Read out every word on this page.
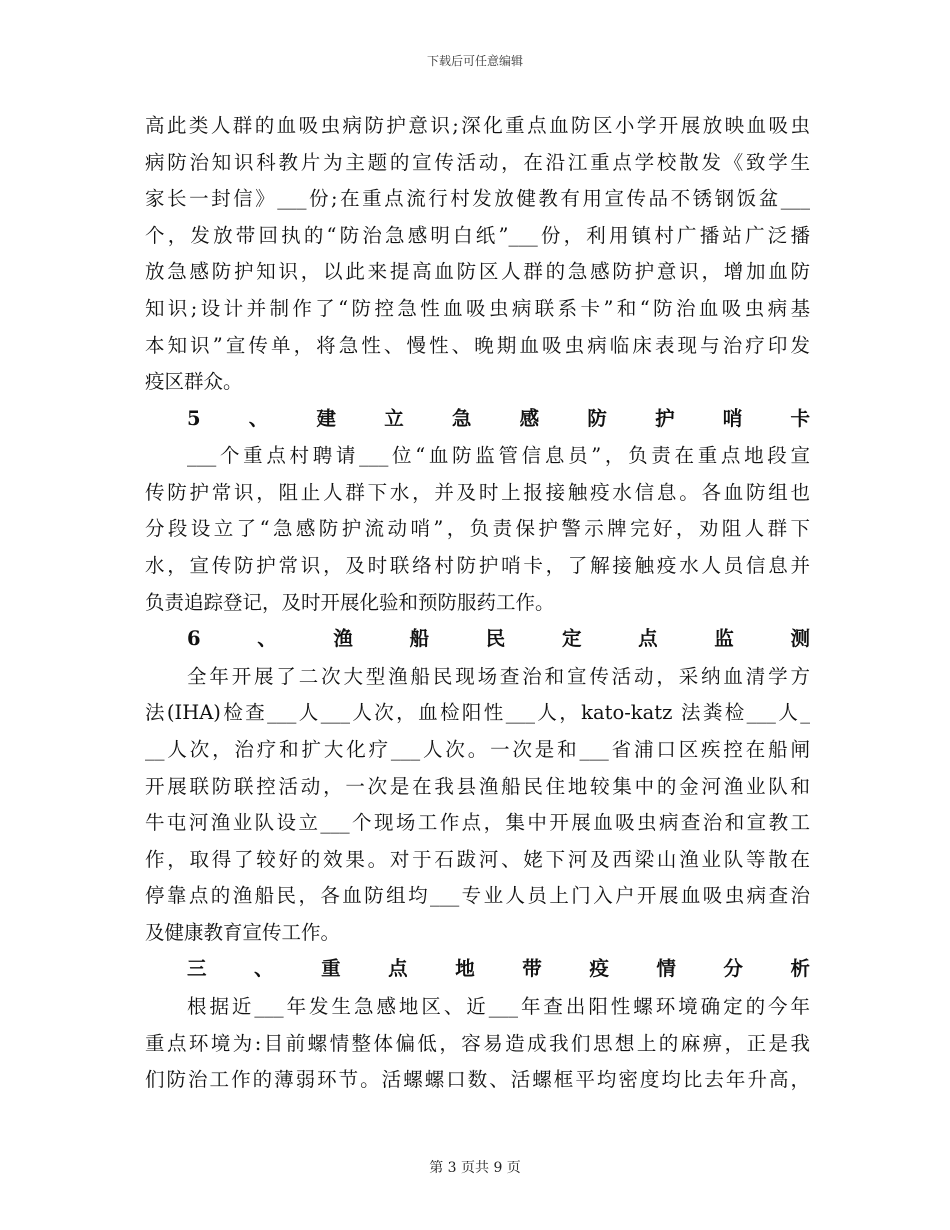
下载后可任意编辑
高此类人群的血吸虫病防护意识;深化重点血防区小学开展放映血吸虫
病防治知识科教片为主题的宣传活动，在沿江重点学校散发《致学生
家长一封信》___份;在重点流行村发放健教有用宣传品不锈钢饭盆___
个，发放带回执的“防治急感明白纸”___份，利用镇村广播站广泛播
放急感防护知识，以此来提高血防区人群的急感防护意识，增加血防
知识;设计并制作了“防控急性血吸虫病联系卡”和“防治血吸虫病基
本知识”宣传单，将急性、慢性、晚期血吸虫病临床表现与治疗印发
疫区群众。
5、建立急感防护哨卡
___个重点村聘请___位“血防监管信息员”，负责在重点地段宣
传防护常识，阻止人群下水，并及时上报接触疫水信息。各血防组也
分段设立了“急感防护流动哨”，负责保护警示牌完好，劝阻人群下
水，宣传防护常识，及时联络村防护哨卡，了解接触疫水人员信息并
负责追踪登记，及时开展化验和预防服药工作。
6、渔船民定点监测
全年开展了二次大型渔船民现场查治和宣传活动，采纳血清学方
法(IHA)检查___人___人次，血检阳性___人，kato-katz 法粪检___人_
__人次，治疗和扩大化疗___人次。一次是和___省浦口区疾控在船闸
开展联防联控活动，一次是在我县渔船民住地较集中的金河渔业队和
牛屯河渔业队设立___个现场工作点，集中开展血吸虫病查治和宣教工
作，取得了较好的效果。对于石跋河、姥下河及西梁山渔业队等散在
停靠点的渔船民，各血防组均___专业人员上门入户开展血吸虫病查治
及健康教育宣传工作。
三、重点地带疫情分析
根据近___年发生急感地区、近___年查出阳性螺环境确定的今年
重点环境为:目前螺情整体偏低，容易造成我们思想上的麻痹，正是我
们防治工作的薄弱环节。活螺螺口数、活螺框平均密度均比去年升高，
第 3 页共 9 页
